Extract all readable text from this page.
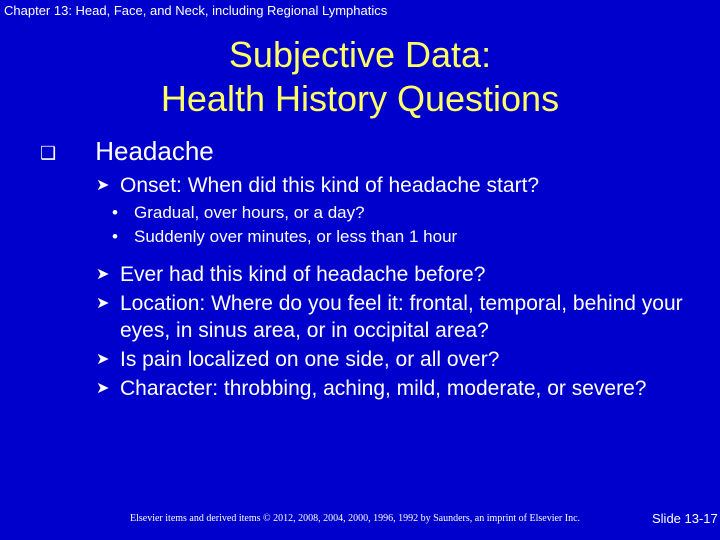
Chapter 13: Head, Face, and Neck, including Regional Lymphatics
Subjective Data:
Health History Questions
❑ Headache
➤ Onset: When did this kind of headache start?
• Gradual, over hours, or a day?
• Suddenly over minutes, or less than 1 hour
➤ Ever had this kind of headache before?
➤ Location: Where do you feel it: frontal, temporal, behind your eyes, in sinus area, or in occipital area?
➤ Is pain localized on one side, or all over?
➤ Character: throbbing, aching, mild, moderate, or severe?
Elsevier items and derived items © 2012, 2008, 2004, 2000, 1996, 1992 by Saunders, an imprint of Elsevier Inc.	Slide 13-17
